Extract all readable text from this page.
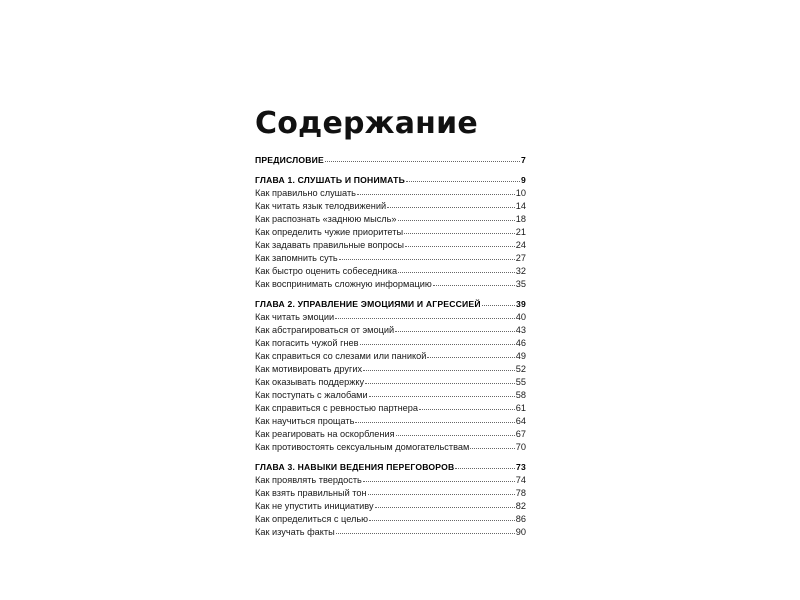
Содержание
ПРЕДИСЛОВИЕ	7
ГЛАВА 1. СЛУШАТЬ И ПОНИМАТЬ	9
Как правильно слушать	10
Как читать язык телодвижений	14
Как распознать «заднюю мысль»	18
Как определить чужие приоритеты	21
Как задавать правильные вопросы	24
Как запомнить суть	27
Как быстро оценить собеседника	32
Как воспринимать сложную информацию	35
ГЛАВА 2. УПРАВЛЕНИЕ ЭМОЦИЯМИ И АГРЕССИЕЙ	39
Как читать эмоции	40
Как абстрагироваться от эмоций	43
Как погасить чужой гнев	46
Как справиться со слезами или паникой	49
Как мотивировать других	52
Как оказывать поддержку	55
Как поступать с жалобами	58
Как справиться с ревностью партнера	61
Как научиться прощать	64
Как реагировать на оскорбления	67
Как противостоять сексуальным домогательствам	70
ГЛАВА 3. НАВЫКИ ВЕДЕНИЯ ПЕРЕГОВОРОВ	73
Как проявлять твердость	74
Как взять правильный тон	78
Как не упустить инициативу	82
Как определиться с целью	86
Как изучать факты	90
